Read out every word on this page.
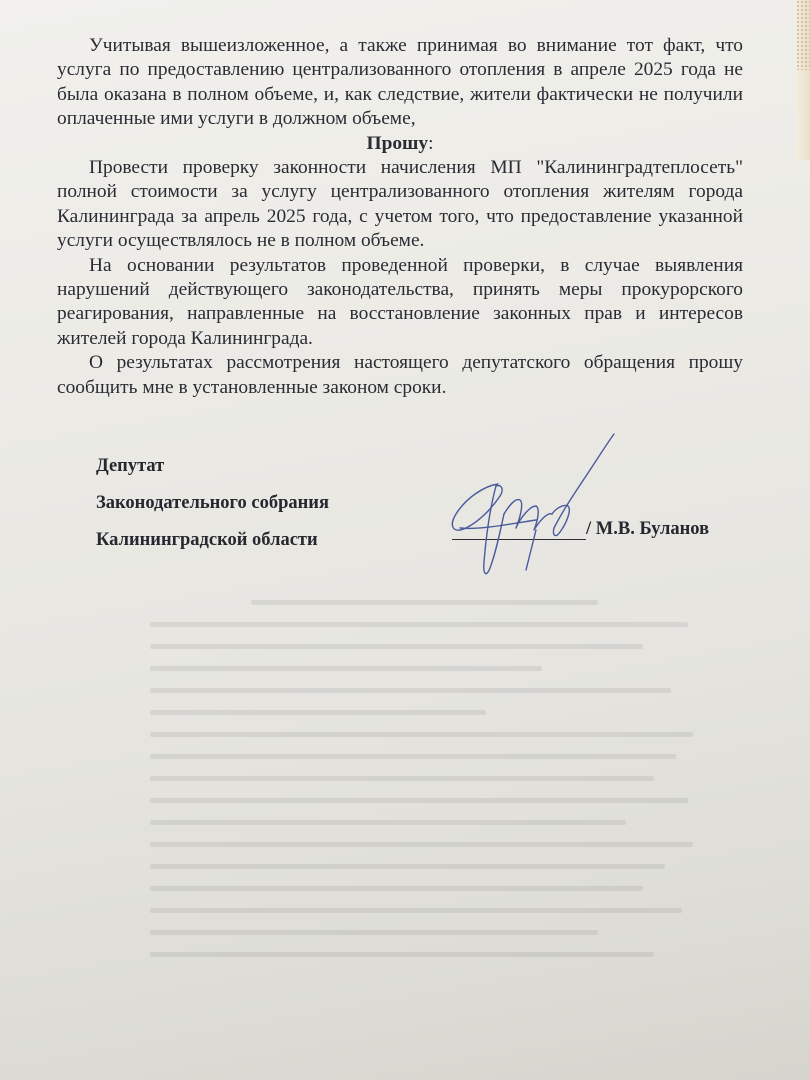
Учитывая вышеизложенное, а также принимая во внимание тот факт, что услуга по предоставлению централизованного отопления в апреле 2025 года не была оказана в полном объеме, и, как следствие, жители фактически не получили оплаченные ими услуги в должном объеме,

Прошу:

Провести проверку законности начисления МП "Калининградтеплосеть" полной стоимости за услугу централизованного отопления жителям города Калининграда за апрель 2025 года, с учетом того, что предоставление указанной услуги осуществлялось не в полном объеме.

На основании результатов проведенной проверки, в случае выявления нарушений действующего законодательства, принять меры прокурорского реагирования, направленные на восстановление законных прав и интересов жителей города Калининграда.

О результатах рассмотрения настоящего депутатского обращения прошу сообщить мне в установленные законом сроки.

Депутат
Законодательного собрания
Калининградской области
/ М.В. Буланов
